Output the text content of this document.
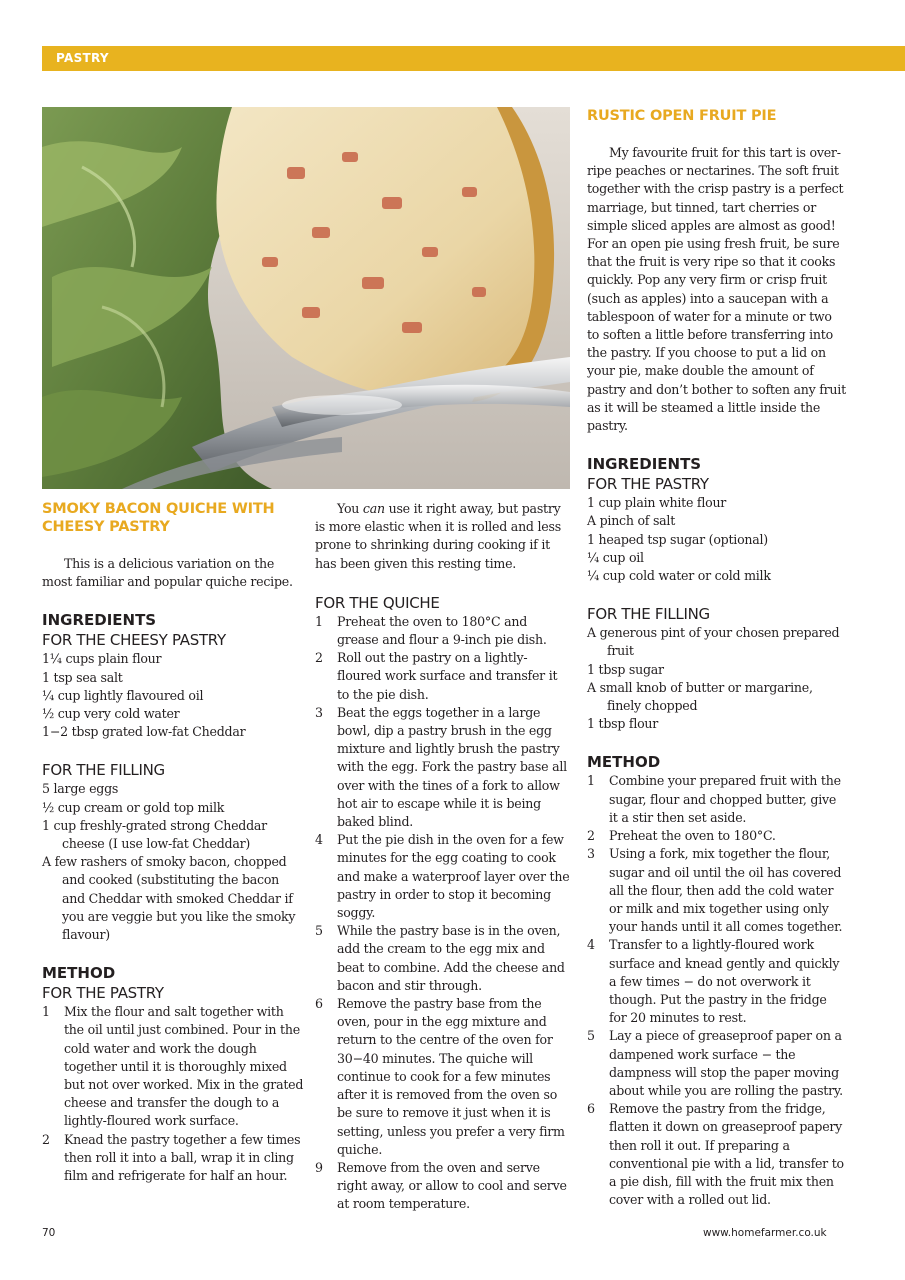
PASTRY
SMOKY BACON QUICHE WITH CHEESY PASTRY

This is a delicious variation on the most familiar and popular quiche recipe.

INGREDIENTS
FOR THE CHEESY PASTRY
1¼ cups plain flour
1 tsp sea salt
¼ cup lightly flavoured oil
½ cup very cold water
1−2 tbsp grated low-fat Cheddar
FOR THE FILLING
5 large eggs
½ cup cream or gold top milk
1 cup freshly-grated strong Cheddar cheese (I use low-fat Cheddar)
A few rashers of smoky bacon, chopped and cooked (substituting the bacon and Cheddar with smoked Cheddar if you are veggie but you like the smoky flavour)
METHOD
FOR THE PASTRY
1 Mix the flour and salt together with the oil until just combined. Pour in the cold water and work the dough together until it is thoroughly mixed but not over worked. Mix in the grated cheese and transfer the dough to a lightly-floured work surface.
2 Knead the pastry together a few times then roll it into a ball, wrap it in cling film and refrigerate for half an hour.

You can use it right away, but pastry is more elastic when it is rolled and less prone to shrinking during cooking if it has been given this resting time.

FOR THE QUICHE
1 Preheat the oven to 180°C and grease and flour a 9-inch pie dish.
2 Roll out the pastry on a lightly-floured work surface and transfer it to the pie dish.
3 Beat the eggs together in a large bowl, dip a pastry brush in the egg mixture and lightly brush the pastry with the egg. Fork the pastry base all over with the tines of a fork to allow hot air to escape while it is being baked blind.
4 Put the pie dish in the oven for a few minutes for the egg coating to cook and make a waterproof layer over the pastry in order to stop it becoming soggy.
5 While the pastry base is in the oven, add the cream to the egg mix and beat to combine. Add the cheese and bacon and stir through.
6 Remove the pastry base from the oven, pour in the egg mixture and return to the centre of the oven for 30−40 minutes. The quiche will continue to cook for a few minutes after it is removed from the oven so be sure to remove it just when it is setting, unless you prefer a very firm quiche.
9 Remove from the oven and serve right away, or allow to cool and serve at room temperature.
RUSTIC OPEN FRUIT PIE

My favourite fruit for this tart is over-ripe peaches or nectarines. The soft fruit together with the crisp pastry is a perfect marriage, but tinned, tart cherries or simple sliced apples are almost as good! For an open pie using fresh fruit, be sure that the fruit is very ripe so that it cooks quickly. Pop any very firm or crisp fruit (such as apples) into a saucepan with a tablespoon of water for a minute or two to soften a little before transferring into the pastry. If you choose to put a lid on your pie, make double the amount of pastry and don’t bother to soften any fruit as it will be steamed a little inside the pastry.

INGREDIENTS
FOR THE PASTRY
1 cup plain white flour
A pinch of salt
1 heaped tsp sugar (optional)
¼ cup oil
¼ cup cold water or cold milk
FOR THE FILLING
A generous pint of your chosen prepared fruit
1 tbsp sugar
A small knob of butter or margarine, finely chopped
1 tbsp flour
METHOD
1 Combine your prepared fruit with the sugar, flour and chopped butter, give it a stir then set aside.
2 Preheat the oven to 180°C.
3 Using a fork, mix together the flour, sugar and oil until the oil has covered all the flour, then add the cold water or milk and mix together using only your hands until it all comes together.
4 Transfer to a lightly-floured work surface and knead gently and quickly a few times − do not overwork it though. Put the pastry in the fridge for 20 minutes to rest.
5 Lay a piece of greaseproof paper on a dampened work surface − the dampness will stop the paper moving about while you are rolling the pastry.
6 Remove the pastry from the fridge, flatten it down on greaseproof papery then roll it out. If preparing a conventional pie with a lid, transfer to a pie dish, fill with the fruit mix then cover with a rolled out lid.
70	www.homefarmer.co.uk
